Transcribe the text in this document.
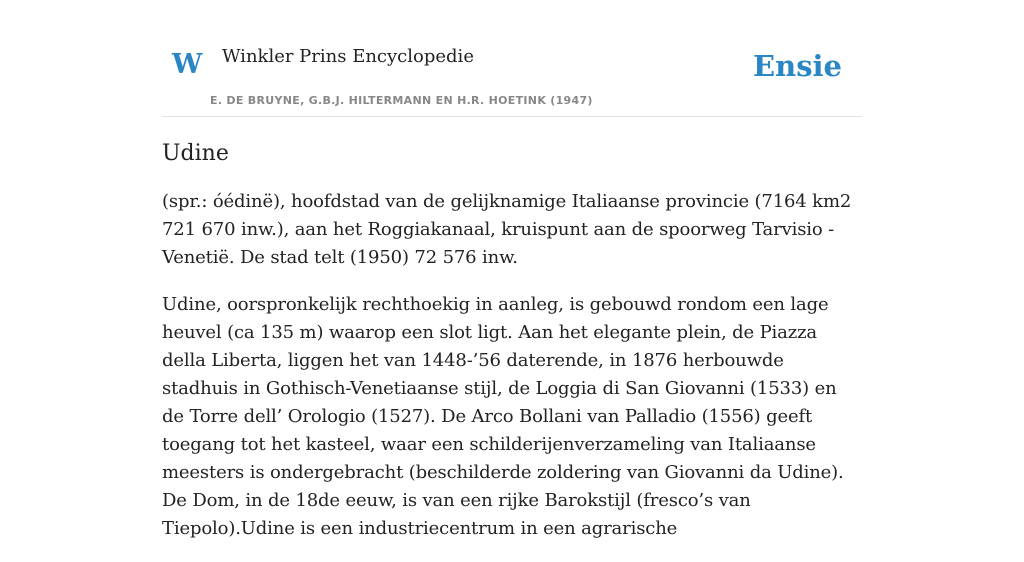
W Winkler Prins Encyclopedie
E. DE BRUYNE, G.B.J. HILTERMANN EN H.R. HOETINK (1947)
Ensie
Udine

(spr.: óédinë), hoofdstad van de gelijknamige Italiaanse provincie (7164 km2 721 670 inw.), aan het Roggiakanaal, kruispunt aan de spoorweg Tarvisio - Venetië. De stad telt (1950) 72 576 inw.

Udine, oorspronkelijk rechthoekig in aanleg, is gebouwd rondom een lage heuvel (ca 135 m) waarop een slot ligt. Aan het elegante plein, de Piazza della Liberta, liggen het van 1448-’56 daterende, in 1876 herbouwde stadhuis in Gothisch-Venetiaanse stijl, de Loggia di San Giovanni (1533) en de Torre dell’ Orologio (1527). De Arco Bollani van Palladio (1556) geeft toegang tot het kasteel, waar een schilderijenverzameling van Italiaanse meesters is ondergebracht (beschilderde zoldering van Giovanni da Udine). De Dom, in de 18de eeuw, is van een rijke Barokstijl (fresco’s van Tiepolo).Udine is een industriecentrum in een agrarische
